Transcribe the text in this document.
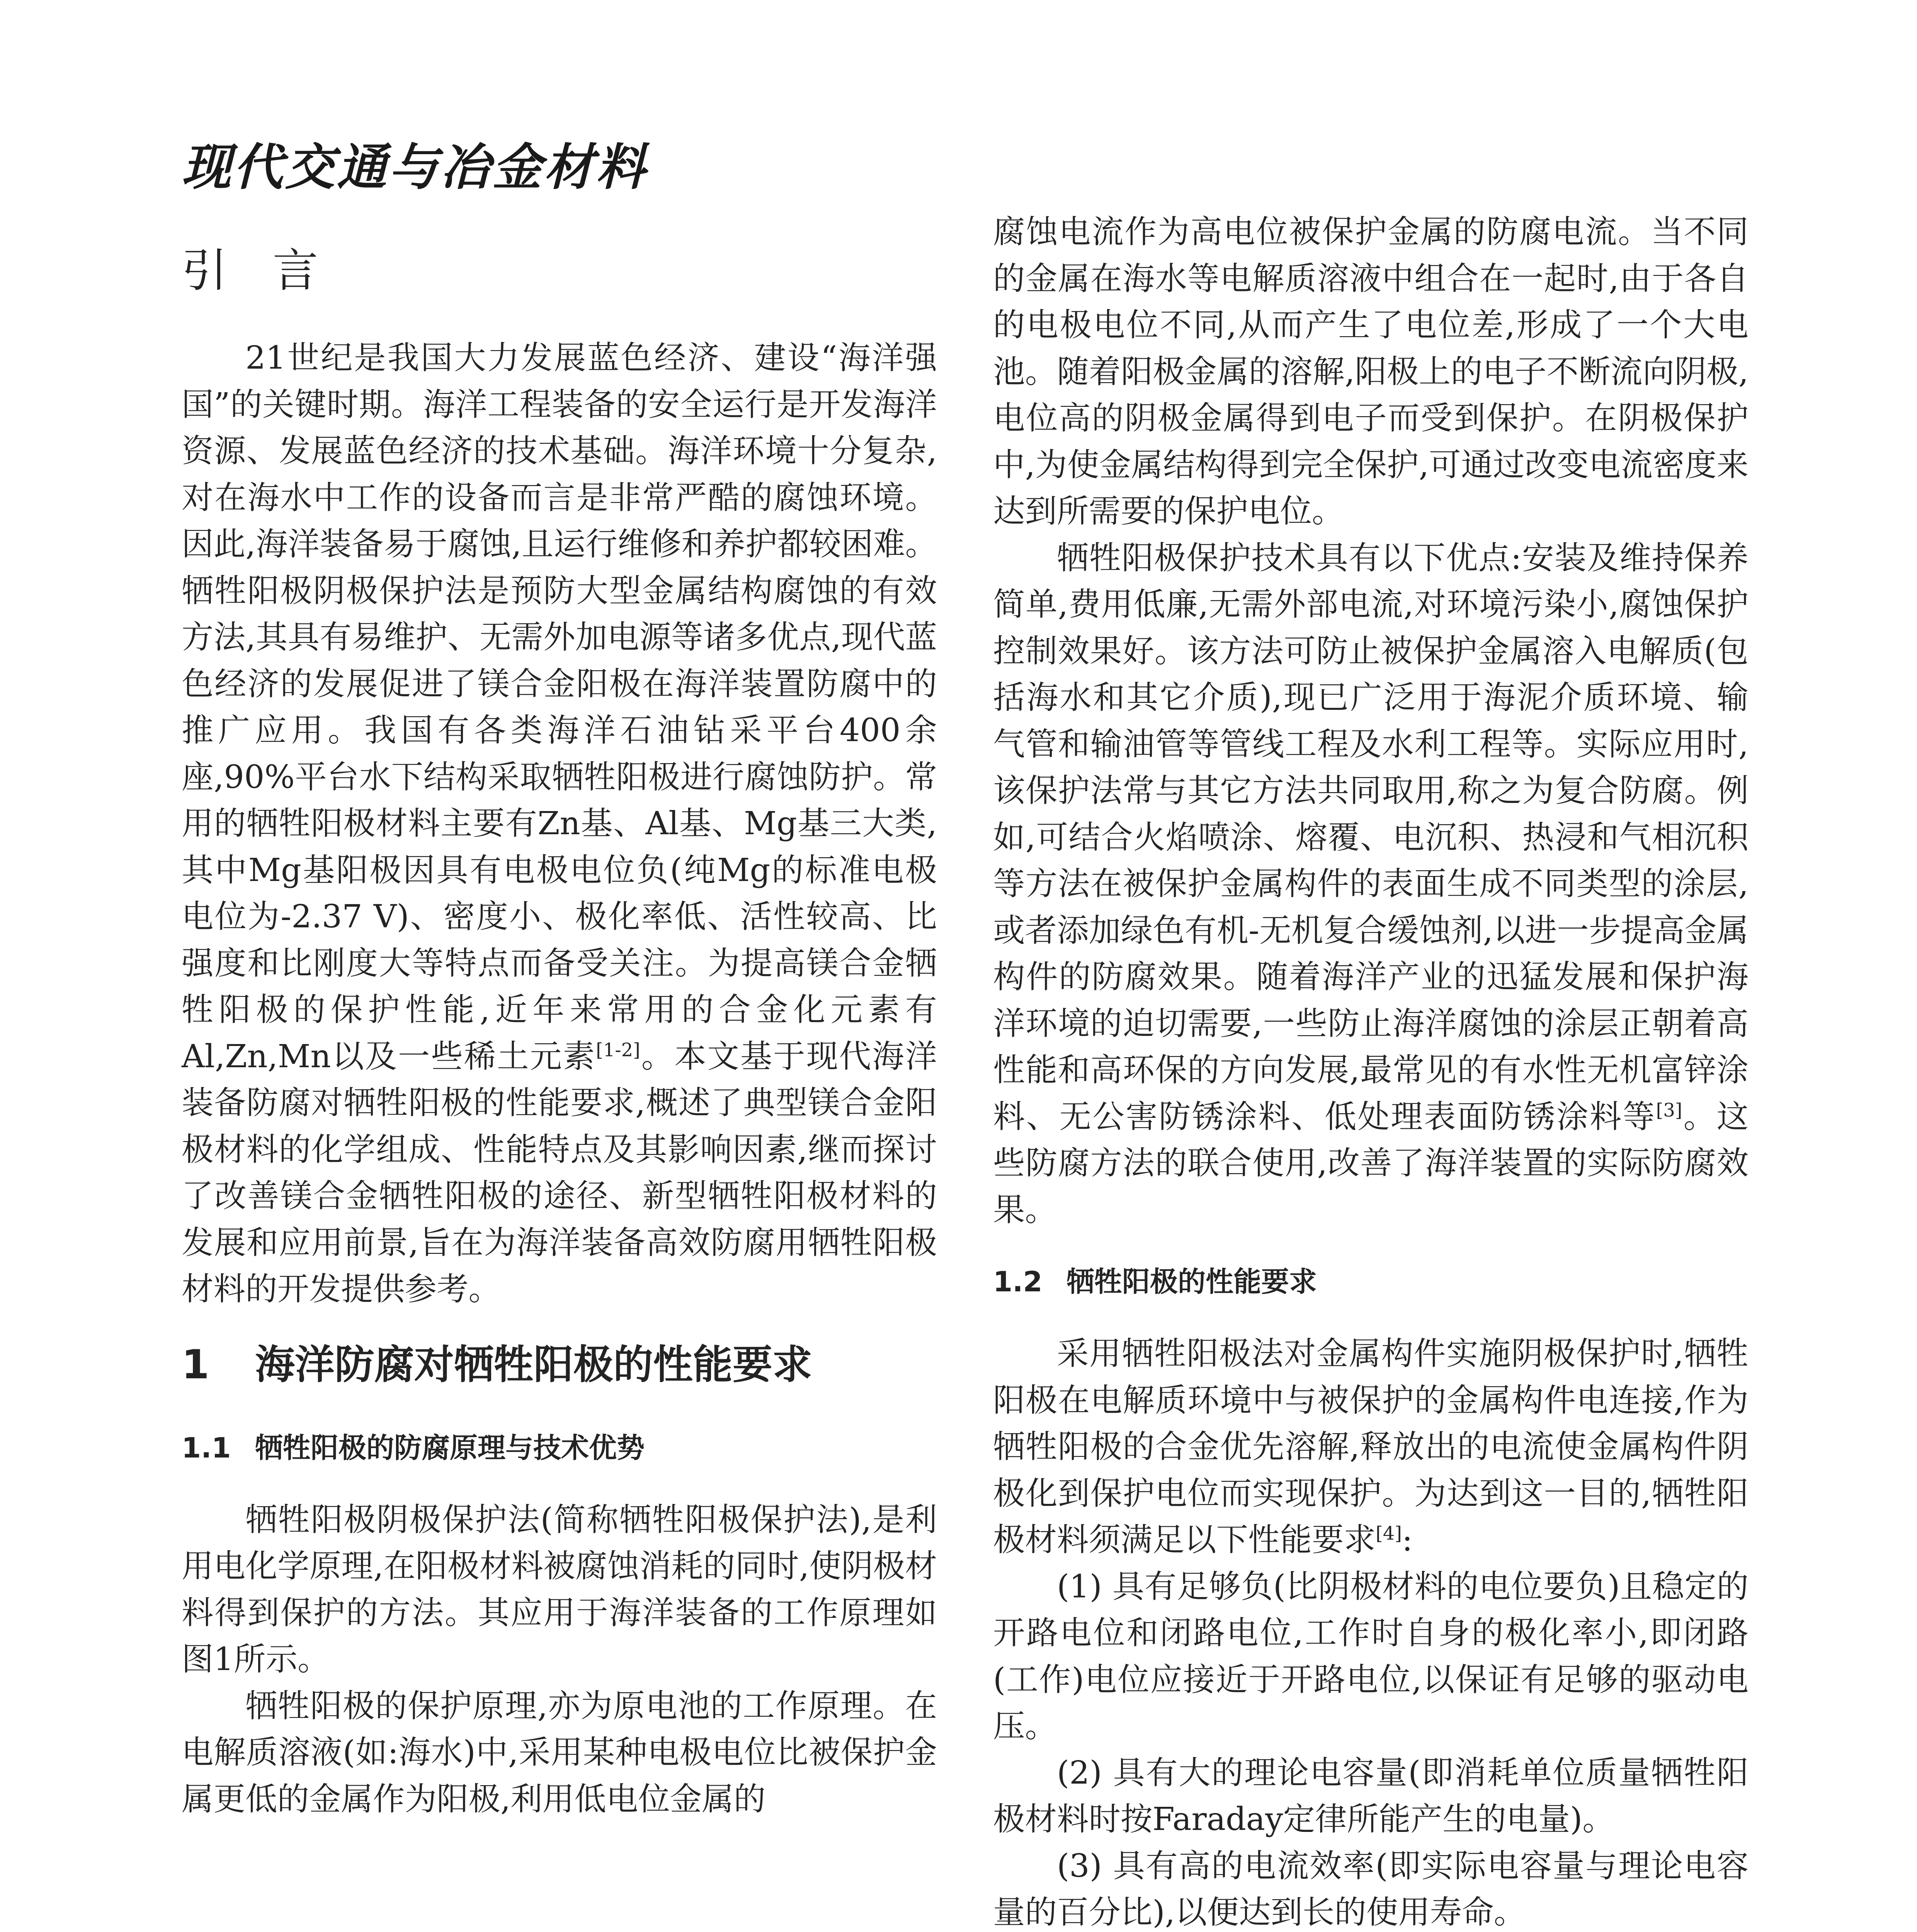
现代交通与冶金材料
引 言

21世纪是我国大力发展蓝色经济、建设“海洋强国”的关键时期。海洋工程装备的安全运行是开发海洋资源、发展蓝色经济的技术基础。海洋环境十分复杂,对在海水中工作的设备而言是非常严酷的腐蚀环境。因此,海洋装备易于腐蚀,且运行维修和养护都较困难。牺牲阳极阴极保护法是预防大型金属结构腐蚀的有效方法,其具有易维护、无需外加电源等诸多优点,现代蓝色经济的发展促进了镁合金阳极在海洋装置防腐中的推广应用。我国有各类海洋石油钻采平台400余座,90%平台水下结构采取牺牲阳极进行腐蚀防护。常用的牺牲阳极材料主要有Zn基、Al基、Mg基三大类,其中Mg基阳极因具有电极电位负(纯Mg的标准电极电位为-2.37 V)、密度小、极化率低、活性较高、比强度和比刚度大等特点而备受关注。为提高镁合金牺牲阳极的保护性能,近年来常用的合金化元素有Al,Zn,Mn以及一些稀土元素[1-2]。本文基于现代海洋装备防腐对牺牲阳极的性能要求,概述了典型镁合金阳极材料的化学组成、性能特点及其影响因素,继而探讨了改善镁合金牺牲阳极的途径、新型牺牲阳极材料的发展和应用前景,旨在为海洋装备高效防腐用牺牲阳极材料的开发提供参考。

1 海洋防腐对牺牲阳极的性能要求
1.1 牺牲阳极的防腐原理与技术优势

牺牲阳极阴极保护法(简称牺牲阳极保护法),是利用电化学原理,在阳极材料被腐蚀消耗的同时,使阴极材料得到保护的方法。其应用于海洋装备的工作原理如图1所示。

牺牲阳极的保护原理,亦为原电池的工作原理。在电解质溶液(如:海水)中,采用某种电极电位比被保护金属更低的金属作为阳极,利用低电位金属的

腐蚀电流作为高电位被保护金属的防腐电流。当不同的金属在海水等电解质溶液中组合在一起时,由于各自的电极电位不同,从而产生了电位差,形成了一个大电池。随着阳极金属的溶解,阳极上的电子不断流向阴极,电位高的阴极金属得到电子而受到保护。在阴极保护中,为使金属结构得到完全保护,可通过改变电流密度来达到所需要的保护电位。

牺牲阳极保护技术具有以下优点:安装及维持保养简单,费用低廉,无需外部电流,对环境污染小,腐蚀保护控制效果好。该方法可防止被保护金属溶入电解质(包括海水和其它介质),现已广泛用于海泥介质环境、输气管和输油管等管线工程及水利工程等。实际应用时,该保护法常与其它方法共同取用,称之为复合防腐。例如,可结合火焰喷涂、熔覆、电沉积、热浸和气相沉积等方法在被保护金属构件的表面生成不同类型的涂层,或者添加绿色有机-无机复合缓蚀剂,以进一步提高金属构件的防腐效果。随着海洋产业的迅猛发展和保护海洋环境的迫切需要,一些防止海洋腐蚀的涂层正朝着高性能和高环保的方向发展,最常见的有水性无机富锌涂料、无公害防锈涂料、低处理表面防锈涂料等[3]。这些防腐方法的联合使用,改善了海洋装置的实际防腐效果。

1.2 牺牲阳极的性能要求

采用牺牲阳极法对金属构件实施阴极保护时,牺牲阳极在电解质环境中与被保护的金属构件电连接,作为牺牲阳极的合金优先溶解,释放出的电流使金属构件阴极化到保护电位而实现保护。为达到这一目的,牺牲阳极材料须满足以下性能要求[4]:

(1) 具有足够负(比阴极材料的电位要负)且稳定的开路电位和闭路电位,工作时自身的极化率小,即闭路(工作)电位应接近于开路电位,以保证有足够的驱动电压。

(2) 具有大的理论电容量(即消耗单位质量牺牲阳极材料时按Faraday定律所能产生的电量)。

(3) 具有高的电流效率(即实际电容量与理论电容量的百分比),以便达到长的使用寿命。
